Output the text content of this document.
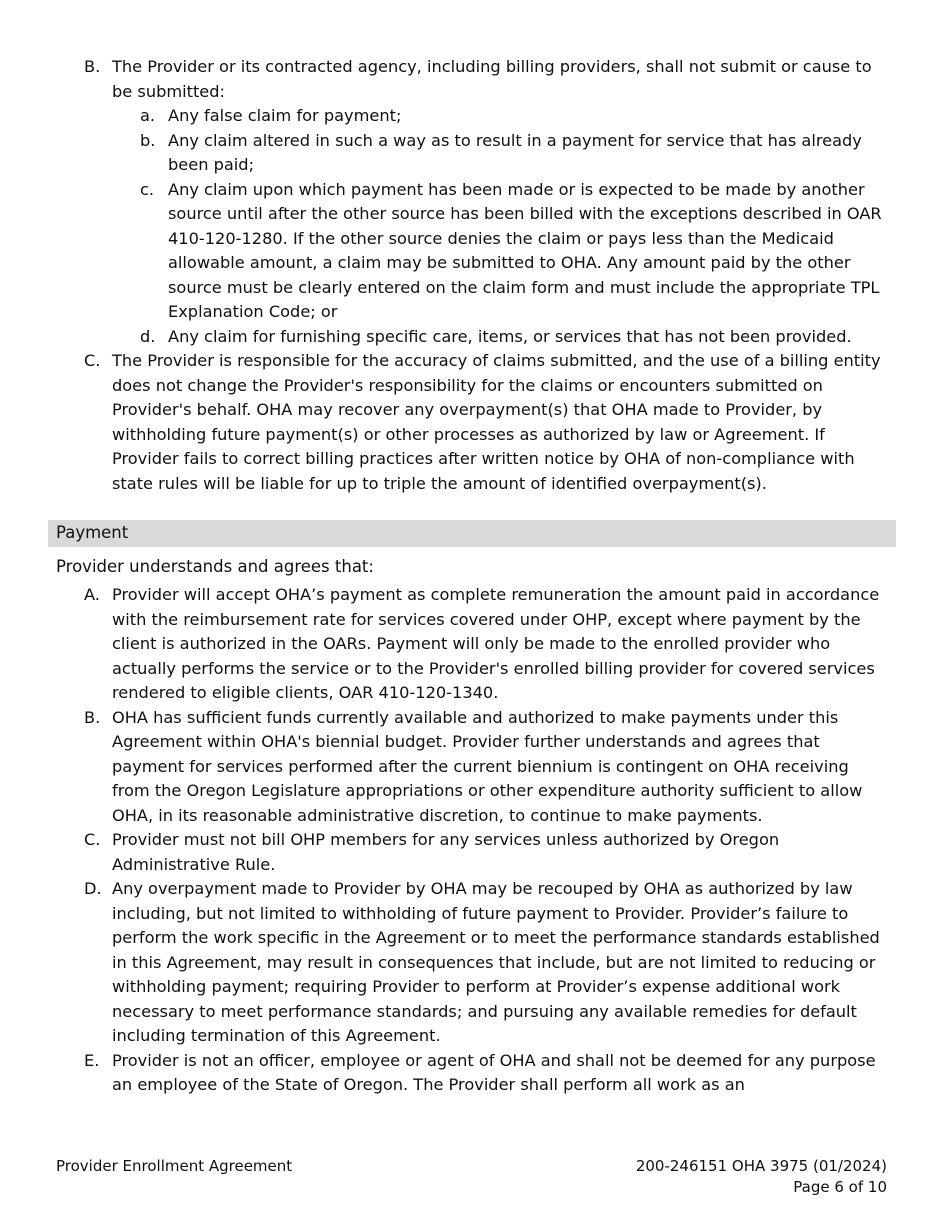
B. The Provider or its contracted agency, including billing providers, shall not submit or cause to be submitted:
a. Any false claim for payment;
b. Any claim altered in such a way as to result in a payment for service that has already been paid;
c. Any claim upon which payment has been made or is expected to be made by another source until after the other source has been billed with the exceptions described in OAR 410-120-1280. If the other source denies the claim or pays less than the Medicaid allowable amount, a claim may be submitted to OHA. Any amount paid by the other source must be clearly entered on the claim form and must include the appropriate TPL Explanation Code; or
d. Any claim for furnishing specific care, items, or services that has not been provided.
C. The Provider is responsible for the accuracy of claims submitted, and the use of a billing entity does not change the Provider's responsibility for the claims or encounters submitted on Provider's behalf. OHA may recover any overpayment(s) that OHA made to Provider, by withholding future payment(s) or other processes as authorized by law or Agreement. If Provider fails to correct billing practices after written notice by OHA of non-compliance with state rules will be liable for up to triple the amount of identified overpayment(s).
Payment
Provider understands and agrees that:
A. Provider will accept OHA’s payment as complete remuneration the amount paid in accordance with the reimbursement rate for services covered under OHP, except where payment by the client is authorized in the OARs. Payment will only be made to the enrolled provider who actually performs the service or to the Provider's enrolled billing provider for covered services rendered to eligible clients, OAR 410-120-1340.
B. OHA has sufficient funds currently available and authorized to make payments under this Agreement within OHA's biennial budget. Provider further understands and agrees that payment for services performed after the current biennium is contingent on OHA receiving from the Oregon Legislature appropriations or other expenditure authority sufficient to allow OHA, in its reasonable administrative discretion, to continue to make payments.
C. Provider must not bill OHP members for any services unless authorized by Oregon Administrative Rule.
D. Any overpayment made to Provider by OHA may be recouped by OHA as authorized by law including, but not limited to withholding of future payment to Provider. Provider’s failure to perform the work specific in the Agreement or to meet the performance standards established in this Agreement, may result in consequences that include, but are not limited to reducing or withholding payment; requiring Provider to perform at Provider’s expense additional work necessary to meet performance standards; and pursuing any available remedies for default including termination of this Agreement.
E. Provider is not an officer, employee or agent of OHA and shall not be deemed for any purpose an employee of the State of Oregon. The Provider shall perform all work as an
Provider Enrollment Agreement	200-246151 OHA 3975 (01/2024)
Page 6 of 10
